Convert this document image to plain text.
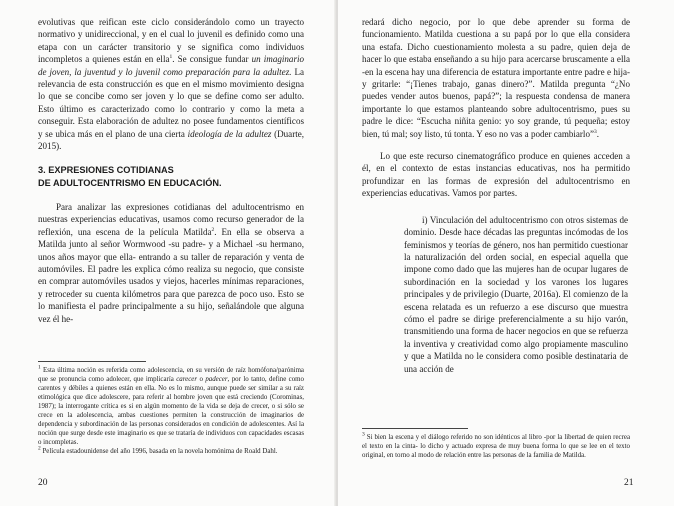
evolutivas que reifican este ciclo considerándolo como un trayecto normativo y unidireccional, y en el cual lo juvenil es definido como una etapa con un carácter transitorio y se significa como individuos incompletos a quienes están en ella$^1$. Se consigue fundar un imaginario de joven, la juventud y lo juvenil como preparación para la adultez. La relevancia de esta construcción es que en el mismo movimiento designa lo que se concibe como ser joven y lo que se define como ser adulto. Esto último es caracterizado como lo contrario y como la meta a conseguir. Esta elaboración de adultez no posee fundamentos científicos y se ubica más en el plano de una cierta ideología de la adultez (Duarte, 2015).

3. EXPRESIONES COTIDIANAS
DE ADULTOCENTRISMO EN EDUCACIÓN.

Para analizar las expresiones cotidianas del adultocentrismo en nuestras experiencias educativas, usamos como recurso generador de la reflexión, una escena de la película Matilda$^2$. En ella se observa a Matilda junto al señor Wormwood -su padre- y a Michael -su hermano, unos años mayor que ella- entrando a su taller de reparación y venta de automóviles. El padre les explica cómo realiza su negocio, que consiste en comprar automóviles usados y viejos, hacerles mínimas reparaciones, y retroceder su cuenta kilómetros para que parezca de poco uso. Esto se lo manifiesta el padre principalmente a su hijo, señalándole que alguna vez él he-

$^1$ Esta última noción es referida como adolescencia, en su versión de raíz homófona/parónima que se pronuncia como adolecer, que implicaría carecer o padecer, por lo tanto, define como carentes y débiles a quienes están en ella. No es lo mismo, aunque puede ser similar a su raíz etimológica que dice adolescere, para referir al hombre joven que está creciendo (Corominas, 1987); la interrogante crítica es si en algún momento de la vida se deja de crecer, o si sólo se crece en la adolescencia, ambas cuestiones permiten la construcción de imaginarios de dependencia y subordinación de las personas considerados en condición de adolescentes. Así la noción que surge desde este imaginario es que se trataría de individuos con capacidades escasas o incompletas.

$^2$ Película estadounidense del año 1996, basada en la novela homónima de Roald Dahl.

20

redará dicho negocio, por lo que debe aprender su forma de funcionamiento. Matilda cuestiona a su papá por lo que ella considera una estafa. Dicho cuestionamiento molesta a su padre, quien deja de hacer lo que estaba enseñando a su hijo para acercarse bruscamente a ella -en la escena hay una diferencia de estatura importante entre padre e hija- y gritarle: “¡Tienes trabajo, ganas dinero?”. Matilda pregunta “¿No puedes vender autos buenos, papá?”; la respuesta condensa de manera importante lo que estamos planteando sobre adultocentrismo, pues su padre le dice: “Escucha niñita genio: yo soy grande, tú pequeña; estoy bien, tú mal; soy listo, tú tonta. Y eso no vas a poder cambiarlo”$^3$.

Lo que este recurso cinematográfico produce en quienes acceden a él, en el contexto de estas instancias educativas, nos ha permitido profundizar en las formas de expresión del adultocentrismo en experiencias educativas. Vamos por partes.

i) Vinculación del adultocentrismo con otros sistemas de dominio. Desde hace décadas las preguntas incómodas de los feminismos y teorías de género, nos han permitido cuestionar la naturalización del orden social, en especial aquella que impone como dado que las mujeres han de ocupar lugares de subordinación en la sociedad y los varones los lugares principales y de privilegio (Duarte, 2016a). El comienzo de la escena relatada es un refuerzo a ese discurso que muestra cómo el padre se dirige preferencialmente a su hijo varón, transmitiendo una forma de hacer negocios en que se refuerza la inventiva y creatividad como algo propiamente masculino y que a Matilda no le considera como posible destinataria de una acción de

$^3$ Si bien la escena y el diálogo referido no son idénticos al libro -por la libertad de quien recrea el texto en la cinta- lo dicho y actuado expresa de muy buena forma lo que se lee en el texto original, en torno al modo de relación entre las personas de la familia de Matilda.

21
